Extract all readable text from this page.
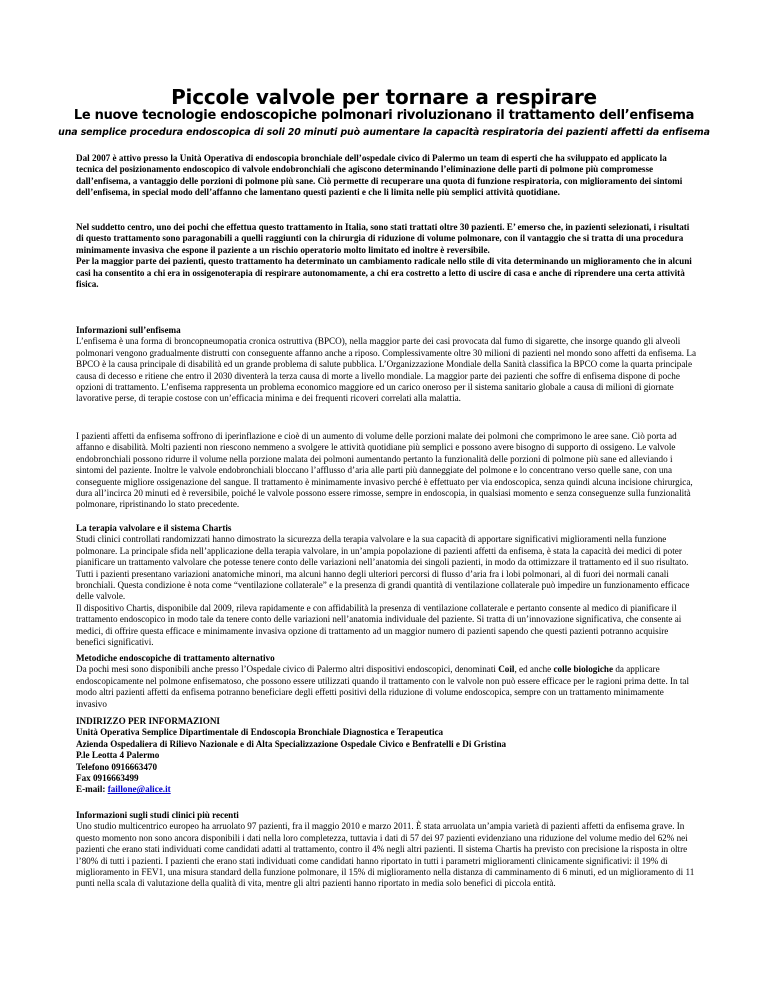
Piccole valvole per tornare a respirare
Le nuove tecnologie endoscopiche polmonari rivoluzionano il trattamento dell’enfisema
una semplice procedura endoscopica di soli 20 minuti può aumentare la capacità respiratoria dei pazienti affetti da enfisema

Dal 2007 è attivo presso la Unità Operativa di endoscopia bronchiale dell’ospedale civico di Palermo un team di esperti che ha sviluppato ed applicato la tecnica del posizionamento endoscopico di valvole endobronchiali che agiscono determinando l’eliminazione delle parti di polmone più compromesse dall’enfisema, a vantaggio delle porzioni di polmone più sane. Ciò permette di recuperare una quota di funzione respiratoria, con miglioramento dei sintomi dell’enfisema, in special modo dell’affanno che lamentano questi pazienti e che li limita nelle più semplici attività quotidiane.

Nel suddetto centro, uno dei pochi che effettua questo trattamento in Italia, sono stati trattati oltre 30 pazienti. E’ emerso che, in pazienti selezionati, i risultati di questo trattamento sono paragonabili a quelli raggiunti con la chirurgia di riduzione di volume polmonare, con il vantaggio che si tratta di una procedura minimamente invasiva che espone il paziente a un rischio operatorio molto limitato ed inoltre è reversibile.

Per la maggior parte dei pazienti, questo trattamento ha determinato un cambiamento radicale nello stile di vita determinando un miglioramento che in alcuni casi ha consentito a chi era in ossigenoterapia di respirare autonomamente, a chi era costretto a letto di uscire di casa e anche di riprendere una certa attività fisica.

Informazioni sull’enfisema

L’enfisema è una forma di broncopneumopatia cronica ostruttiva (BPCO), nella maggior parte dei casi provocata dal fumo di sigarette, che insorge quando gli alveoli polmonari vengono gradualmente distrutti con conseguente affanno anche a riposo. Complessivamente oltre 30 milioni di pazienti nel mondo sono affetti da enfisema. La BPCO è la causa principale di disabilità ed un grande problema di salute pubblica. L’Organizzazione Mondiale della Sanità classifica la BPCO come la quarta principale causa di decesso e ritiene che entro il 2030 diventerà la terza causa di morte a livello mondiale. La maggior parte dei pazienti che soffre di enfisema dispone di poche opzioni di trattamento. L’enfisema rappresenta un problema economico maggiore ed un carico oneroso per il sistema sanitario globale a causa di milioni di giornate lavorative perse, di terapie costose con un’efficacia minima e dei frequenti ricoveri correlati alla malattia.

I pazienti affetti da enfisema soffrono di iperinflazione e cioè di un aumento di volume delle porzioni malate dei polmoni che comprimono le aree sane. Ciò porta ad affanno e disabilità. Molti pazienti non riescono nemmeno a svolgere le attività quotidiane più semplici e possono avere bisogno di supporto di ossigeno. Le valvole endobronchiali possono ridurre il volume nella porzione malata dei polmoni aumentando pertanto la funzionalità delle porzioni di polmone più sane ed alleviando i sintomi del paziente. Inoltre le valvole endobronchiali bloccano l’afflusso d’aria alle parti più danneggiate del polmone e lo concentrano verso quelle sane, con una conseguente migliore ossigenazione del sangue. Il trattamento è minimamente invasivo perché è effettuato per via endoscopica, senza quindi alcuna incisione chirurgica, dura all’incirca 20 minuti ed è reversibile, poiché le valvole possono essere rimosse, sempre in endoscopia, in qualsiasi momento e senza conseguenze sulla funzionalità polmonare, ripristinando lo stato precedente.

La terapia valvolare e il sistema Chartis

Studi clinici controllati randomizzati hanno dimostrato la sicurezza della terapia valvolare e la sua capacità di apportare significativi miglioramenti nella funzione polmonare. La principale sfida nell’applicazione della terapia valvolare, in un’ampia popolazione di pazienti affetti da enfisema, è stata la capacità dei medici di poter pianificare un trattamento valvolare che potesse tenere conto delle variazioni nell’anatomia dei singoli pazienti, in modo da ottimizzare il trattamento ed il suo risultato. Tutti i pazienti presentano variazioni anatomiche minori, ma alcuni hanno degli ulteriori percorsi di flusso d’aria fra i lobi polmonari, al di fuori dei normali canali bronchiali. Questa condizione è nota come “ventilazione collaterale” e la presenza di grandi quantità di ventilazione collaterale può impedire un funzionamento efficace delle valvole.

Il dispositivo Chartis, disponibile dal 2009, rileva rapidamente e con affidabilità la presenza di ventilazione collaterale e pertanto consente al medico di pianificare il trattamento endoscopico in modo tale da tenere conto delle variazioni nell’anatomia individuale del paziente. Si tratta di un’innovazione significativa, che consente ai medici, di offrire questa efficace e minimamente invasiva opzione di trattamento ad un maggior numero di pazienti sapendo che questi pazienti potranno acquisire benefici significativi.

Metodiche endoscopiche di trattamento alternativo

Da pochi mesi sono disponibili anche presso l’Ospedale civico di Palermo altri dispositivi endoscopici, denominati Coil, ed anche colle biologiche da applicare endoscopicamente nel polmone enfisematoso, che possono essere utilizzati quando il trattamento con le valvole non può essere efficace per le ragioni prima dette. In tal modo altri pazienti affetti da enfisema potranno beneficiare degli effetti positivi della riduzione di volume endoscopica, sempre con un trattamento minimamente invasivo

INDIRIZZO PER INFORMAZIONI

Unità Operativa Semplice Dipartimentale di Endoscopia Bronchiale Diagnostica e Terapeutica

Azienda Ospedaliera di Rilievo Nazionale e di Alta Specializzazione Ospedale Civico e Benfratelli e Di Gristina

P.le Leotta 4 Palermo

Telefono 0916663470

Fax 0916663499

E-mail: faillone@alice.it

Informazioni sugli studi clinici più recenti

Uno studio multicentrico europeo ha arruolato 97 pazienti, fra il maggio 2010 e marzo 2011. È stata arruolata un’ampia varietà di pazienti affetti da enfisema grave. In questo momento non sono ancora disponibili i dati nella loro completezza, tuttavia i dati di 57 dei 97 pazienti evidenziano una riduzione del volume medio del 62% nei pazienti che erano stati individuati come candidati adatti al trattamento, contro il 4% negli altri pazienti. Il sistema Chartis ha previsto con precisione la risposta in oltre l’80% di tutti i pazienti. I pazienti che erano stati individuati come candidati hanno riportato in tutti i parametri miglioramenti clinicamente significativi: il 19% di miglioramento in FEV1, una misura standard della funzione polmonare, il 15% di miglioramento nella distanza di camminamento di 6 minuti, ed un miglioramento di 11 punti nella scala di valutazione della qualità di vita, mentre gli altri pazienti hanno riportato in media solo benefici di piccola entità.
